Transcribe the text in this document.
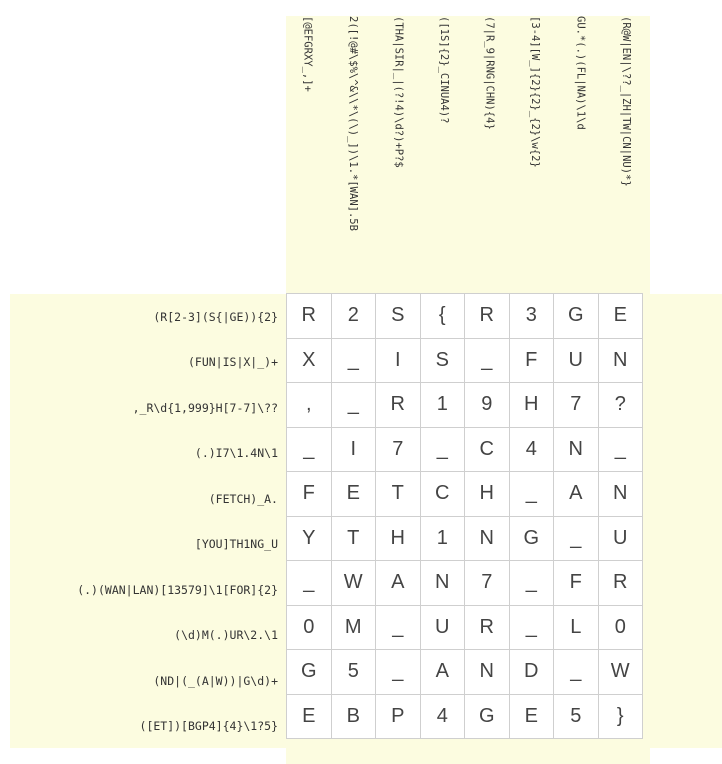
[@EFGRXY_,]+	2([!@#\$%\^&\\*\(\)_])\1.*[WAN].5B	(THA|SIR|_|(?!4)\d?)+P?$	([1S]{2}_CINUA4)?	(7|R_9|RNG|CHN){4}	[3-4][W_]{2}{2}_{2}\w{2}	GU.*(.)(FL|NA)\1\d	(R@W|EN|\??_|ZH|TW|CN|NU)*}
(R[2-3](S{|GE)){2}
(FUN|IS|X|_)+
,_R\d{1,999}H[7-7]\??
(.)I7\1.4N\1
(FETCH)_A.
[YOU]TH1NG_U
(.)(WAN|LAN)[13579]\1[FOR]{2}
(\d)M(.)UR\2.\1
(ND|(_(A|W))|G\d)+
([ET])[BGP4]{4}\1?5}
R	2	S	{	R	3	G	E
X	_	I	S	_	F	U	N
,	_	R	1	9	H	7	?
_	I	7	_	C	4	N	_
F	E	T	C	H	_	A	N
Y	T	H	1	N	G	_	U
_	W	A	N	7	_	F	R
0	M	_	U	R	_	L	0
G	5	_	A	N	D	_	W
E	B	P	4	G	E	5	}
